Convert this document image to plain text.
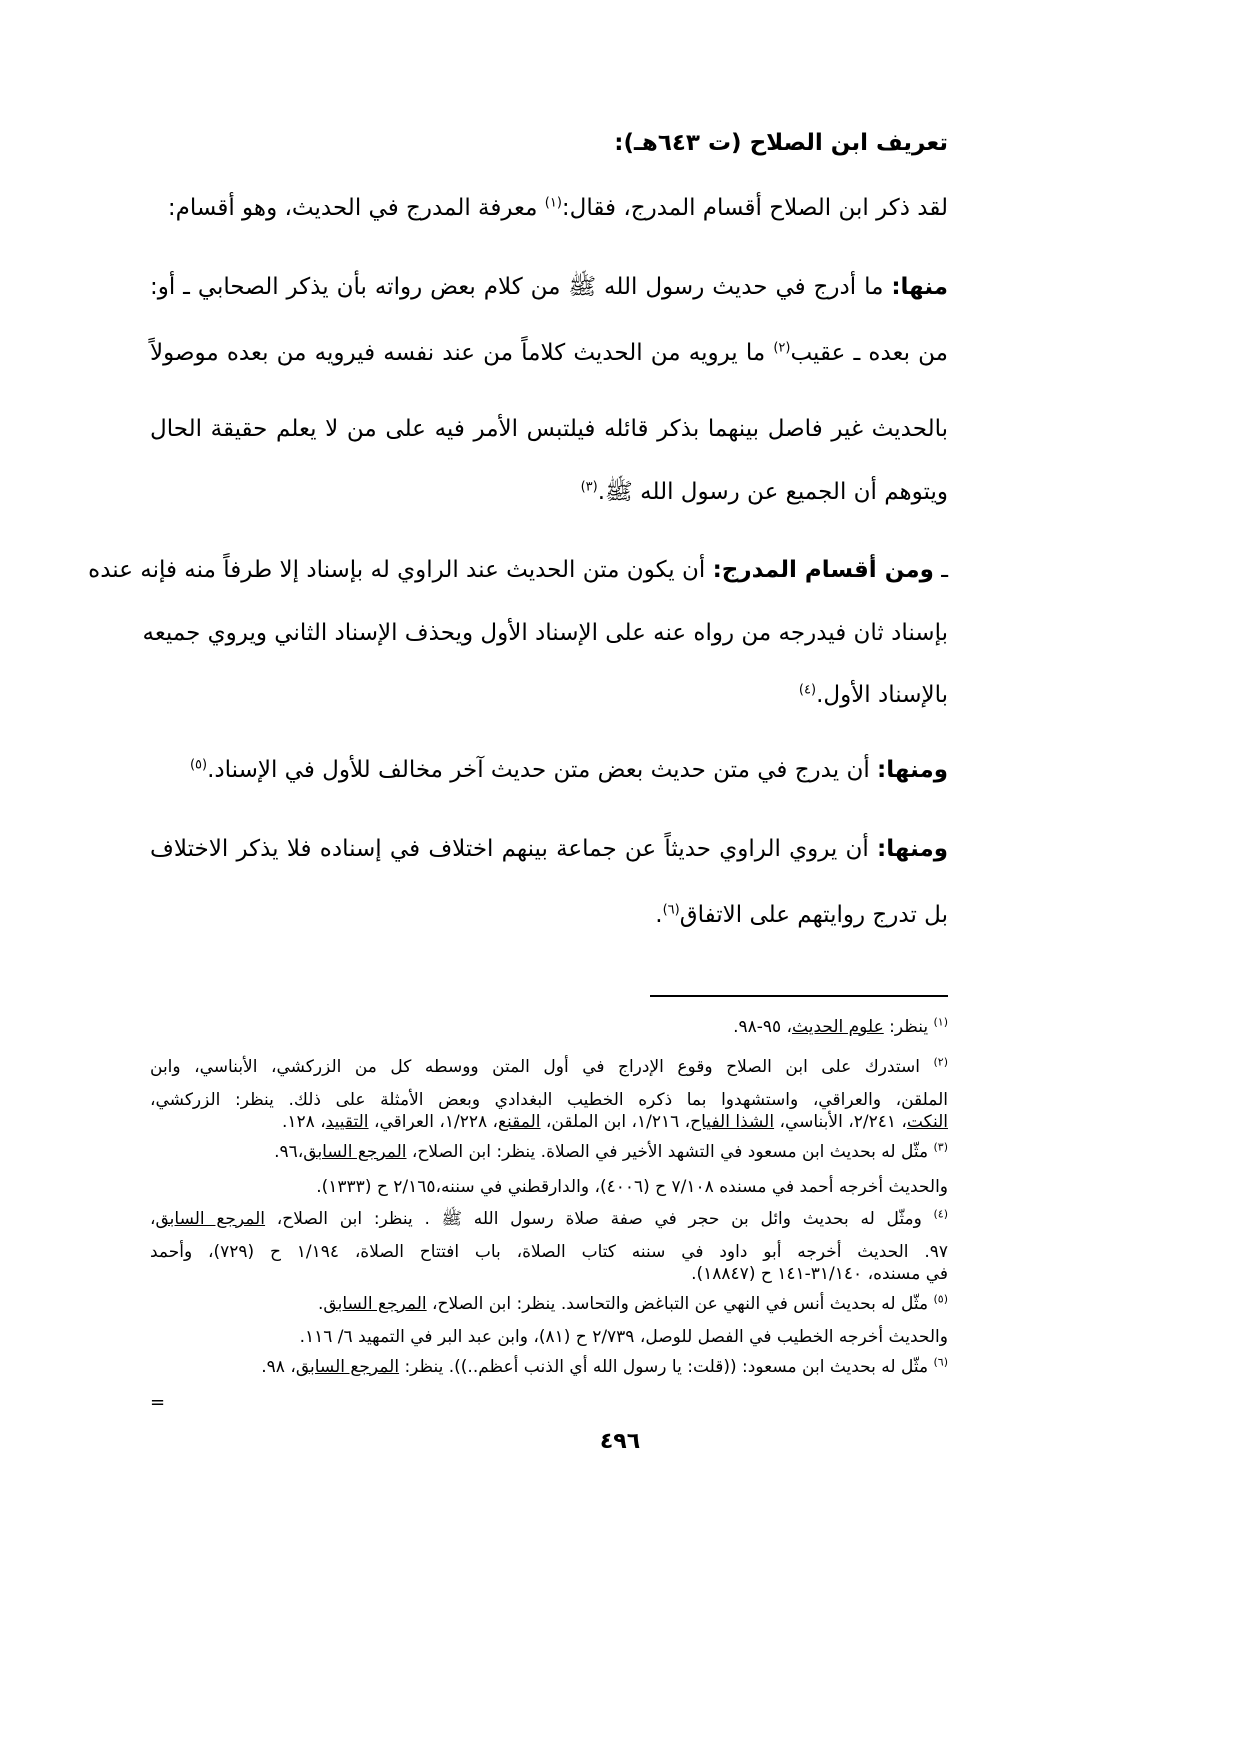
تعريف ابن الصلاح (ت ٦٤٣هـ):
لقد ذكر ابن الصلاح أقسام المدرج، فقال:$^{(١)}$ معرفة المدرج في الحديث، وهو أقسام:
منها: ما أدرج في حديث رسول الله ﷺ من كلام بعض رواته بأن يذكر الصحابي ـ أو:
من بعده ـ عقيب$^{(٢)}$ ما يرويه من الحديث كلاماً من عند نفسه فيرويه من بعده موصولاً
بالحديث غير فاصل بينهما بذكر قائله فيلتبس الأمر فيه على من لا يعلم حقيقة الحال
ويتوهم أن الجميع عن رسول الله ﷺ.$^{(٣)}$
ـ ومن أقسام المدرج: أن يكون متن الحديث عند الراوي له بإسناد إلا طرفاً منه فإنه عنده
بإسناد ثان فيدرجه من رواه عنه على الإسناد الأول ويحذف الإسناد الثاني ويروي جميعه
بالإسناد الأول.$^{(٤)}$
ومنها: أن يدرج في متن حديث بعض متن حديث آخر مخالف للأول في الإسناد.$^{(٥)}$
ومنها: أن يروي الراوي حديثاً عن جماعة بينهم اختلاف في إسناده فلا يذكر الاختلاف
بل تدرج روايتهم على الاتفاق$^{(٦)}$.
$^{(١)}$ ينظر: علوم الحديث، ٩٥-٩٨.
$^{(٢)}$ استدرك على ابن الصلاح وقوع الإدراج في أول المتن ووسطه كل من الزركشي، الأبناسي، وابن
الملقن، والعراقي، واستشهدوا بما ذكره الخطيب البغدادي وبعض الأمثلة على ذلك. ينظر: الزركشي،
النكت، ٢/٢٤١، الأبناسي، الشذا الفياح، ١/٢١٦، ابن الملقن، المقنع، ١/٢٢٨، العراقي، التقييد، ١٢٨.
$^{(٣)}$ مثّل له بحديث ابن مسعود في التشهد الأخير في الصلاة. ينظر: ابن الصلاح، المرجع السابق،٩٦.
والحديث أخرجه أحمد في مسنده ٧/١٠٨ ح (٤٠٠٦)، والدارقطني في سننه،٢/١٦٥ ح (١٣٣٣).
$^{(٤)}$ ومثّل له بحديث وائل بن حجر في صفة صلاة رسول الله ﷺ . ينظر: ابن الصلاح، المرجع السابق،
٩٧. الحديث أخرجه أبو داود في سننه كتاب الصلاة، باب افتتاح الصلاة، ١/١٩٤ ح (٧٢٩)، وأحمد
في مسنده، ٣١/١٤٠-١٤١ ح (١٨٨٤٧).
$^{(٥)}$ مثّل له بحديث أنس في النهي عن التباغض والتحاسد. ينظر: ابن الصلاح، المرجع السابق.
والحديث أخرجه الخطيب في الفصل للوصل، ٢/٧٣٩ ح (٨١)، وابن عبد البر في التمهيد ٦/ ١١٦.
$^{(٦)}$ مثّل له بحديث ابن مسعود: ((قلت: يا رسول الله أي الذنب أعظم..)). ينظر: المرجع السابق، ٩٨.
=
٤٩٦
